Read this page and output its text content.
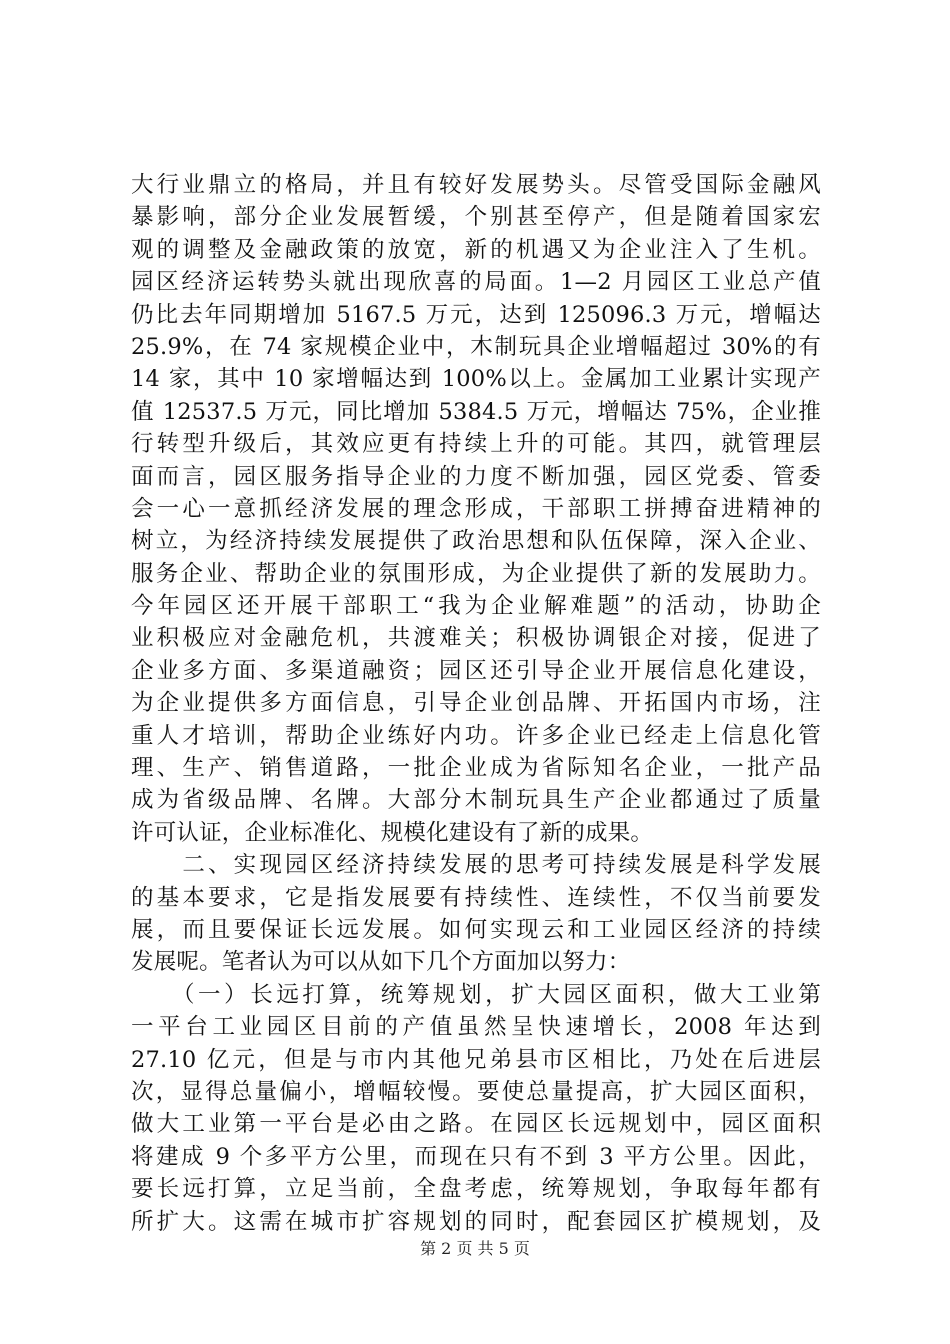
大行业鼎立的格局，并且有较好发展势头。尽管受国际金融风
暴影响，部分企业发展暂缓，个别甚至停产，但是随着国家宏
观的调整及金融政策的放宽，新的机遇又为企业注入了生机。
园区经济运转势头就出现欣喜的局面。1—2 月园区工业总产值
仍比去年同期增加 5167.5 万元，达到 125096.3 万元，增幅达
25.9%，在 74 家规模企业中，木制玩具企业增幅超过 30%的有
14 家，其中 10 家增幅达到 100%以上。金属加工业累计实现产
值 12537.5 万元，同比增加 5384.5 万元，增幅达 75%，企业推
行转型升级后，其效应更有持续上升的可能。其四，就管理层
面而言，园区服务指导企业的力度不断加强，园区党委、管委
会一心一意抓经济发展的理念形成，干部职工拼搏奋进精神的
树立，为经济持续发展提供了政治思想和队伍保障，深入企业、
服务企业、帮助企业的氛围形成，为企业提供了新的发展助力。
今年园区还开展干部职工“我为企业解难题”的活动，协助企
业积极应对金融危机，共渡难关；积极协调银企对接，促进了
企业多方面、多渠道融资；园区还引导企业开展信息化建设，
为企业提供多方面信息，引导企业创品牌、开拓国内市场，注
重人才培训，帮助企业练好内功。许多企业已经走上信息化管
理、生产、销售道路，一批企业成为省际知名企业，一批产品
成为省级品牌、名牌。大部分木制玩具生产企业都通过了质量
许可认证，企业标准化、规模化建设有了新的成果。
　　二、实现园区经济持续发展的思考可持续发展是科学发展
的基本要求，它是指发展要有持续性、连续性，不仅当前要发
展，而且要保证长远发展。如何实现云和工业园区经济的持续
发展呢。笔者认为可以从如下几个方面加以努力：
　　（一）长远打算，统筹规划，扩大园区面积，做大工业第
一平台工业园区目前的产值虽然呈快速增长，2008 年达到
27.10 亿元，但是与市内其他兄弟县市区相比，乃处在后进层
次，显得总量偏小，增幅较慢。要使总量提高，扩大园区面积，
做大工业第一平台是必由之路。在园区长远规划中，园区面积
将建成 9 个多平方公里，而现在只有不到 3 平方公里。因此，
要长远打算，立足当前，全盘考虑，统筹规划，争取每年都有
所扩大。这需在城市扩容规划的同时，配套园区扩模规划，及
第 2 页 共 5 页
